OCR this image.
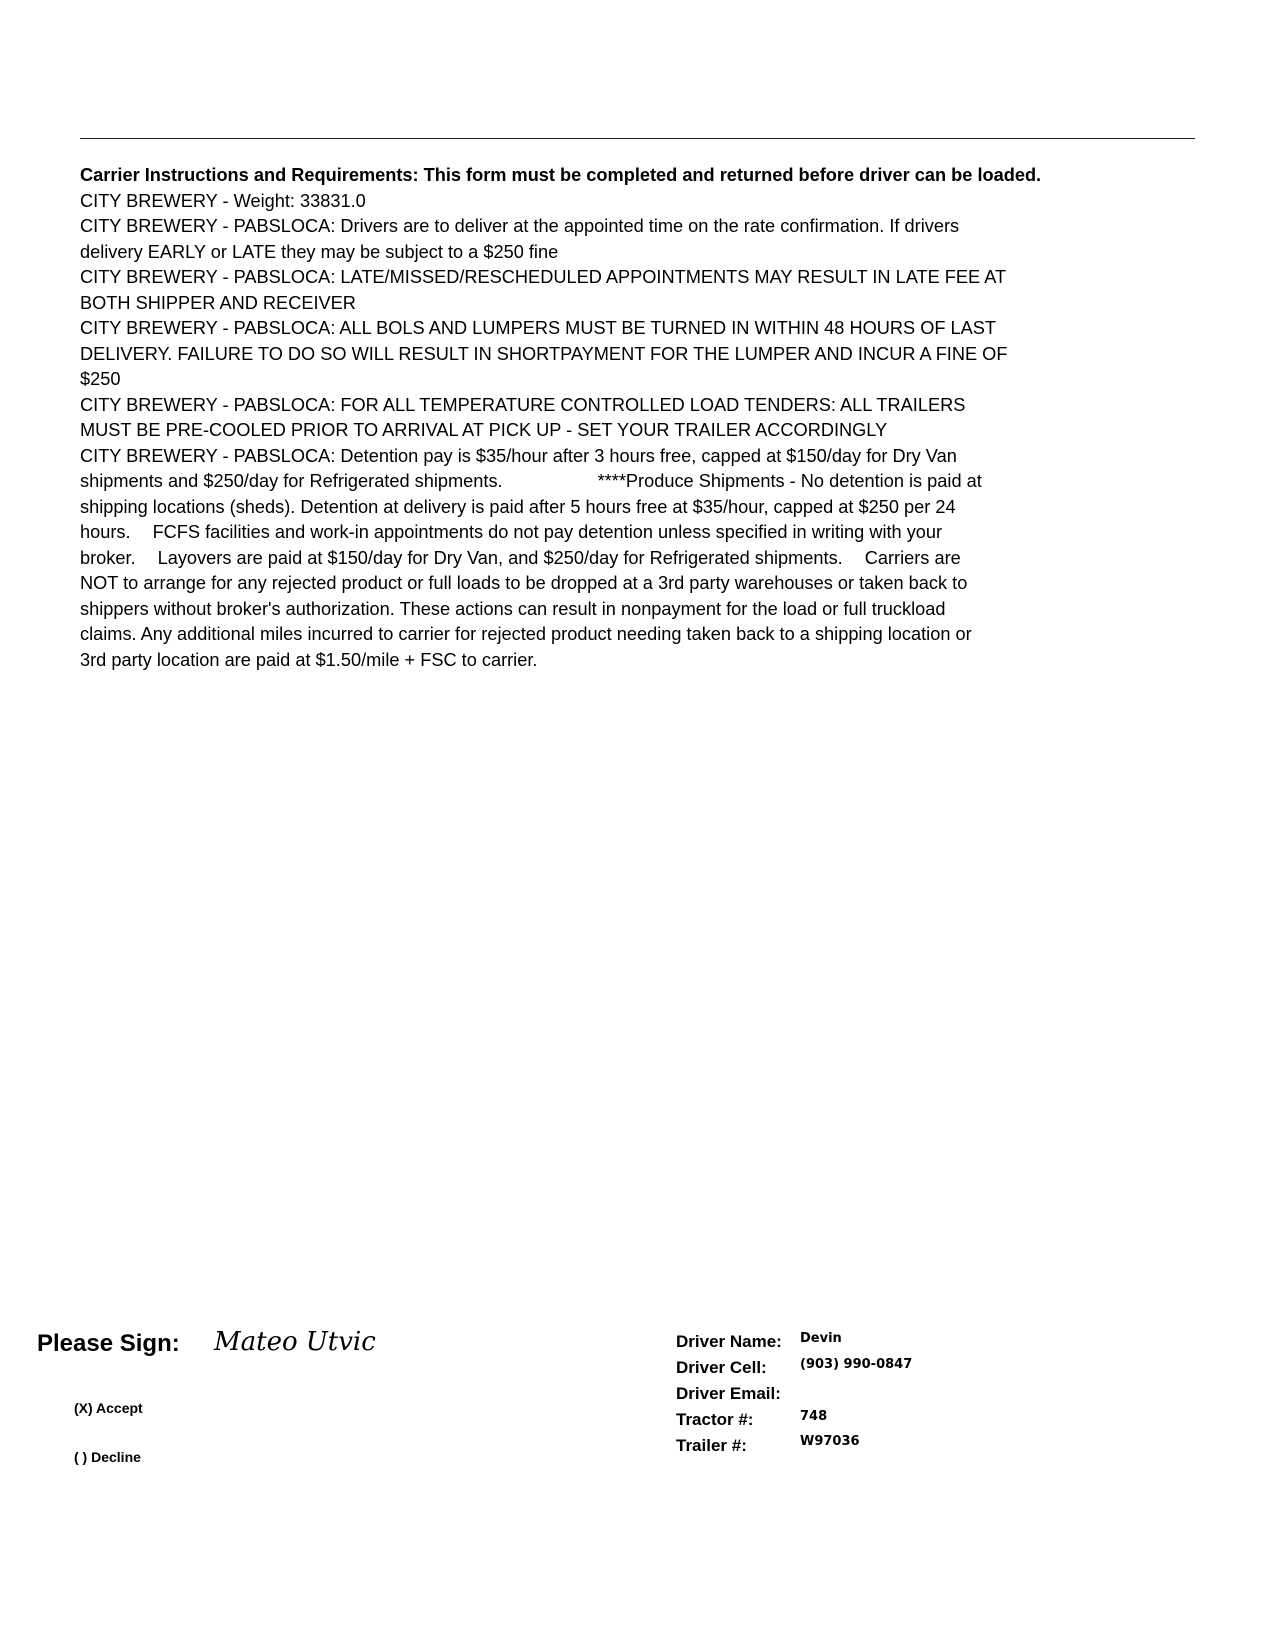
Carrier Instructions and Requirements: This form must be completed and returned before driver can be loaded.
CITY BREWERY - Weight: 33831.0
CITY BREWERY - PABSLOCA: Drivers are to deliver at the appointed time on the rate confirmation. If drivers
delivery EARLY or LATE they may be subject to a $250 fine
CITY BREWERY - PABSLOCA: LATE/MISSED/RESCHEDULED APPOINTMENTS MAY RESULT IN LATE FEE AT
BOTH SHIPPER AND RECEIVER
CITY BREWERY - PABSLOCA: ALL BOLS AND LUMPERS MUST BE TURNED IN WITHIN 48 HOURS OF LAST
DELIVERY. FAILURE TO DO SO WILL RESULT IN SHORTPAYMENT FOR THE LUMPER AND INCUR A FINE OF
$250
CITY BREWERY - PABSLOCA: FOR ALL TEMPERATURE CONTROLLED LOAD TENDERS: ALL TRAILERS
MUST BE PRE-COOLED PRIOR TO ARRIVAL AT PICK UP - SET YOUR TRAILER ACCORDINGLY
CITY BREWERY - PABSLOCA: Detention pay is $35/hour after 3 hours free, capped at $150/day for Dry Van
shipments and $250/day for Refrigerated shipments.	****Produce Shipments - No detention is paid at
shipping locations (sheds). Detention at delivery is paid after 5 hours free at $35/hour, capped at $250 per 24
hours. FCFS facilities and work-in appointments do not pay detention unless specified in writing with your
broker. Layovers are paid at $150/day for Dry Van, and $250/day for Refrigerated shipments. Carriers are
NOT to arrange for any rejected product or full loads to be dropped at a 3rd party warehouses or taken back to
shippers without broker's authorization. These actions can result in nonpayment for the load or full truckload
claims. Any additional miles incurred to carrier for rejected product needing taken back to a shipping location or
3rd party location are paid at $1.50/mile + FSC to carrier.
Please Sign: Mateo Utvic
(X) Accept
( ) Decline
Driver Name: Devin
Driver Cell:	(903) 990-0847
Driver Email:
Tractor #:	748
Trailer #:	W97036
